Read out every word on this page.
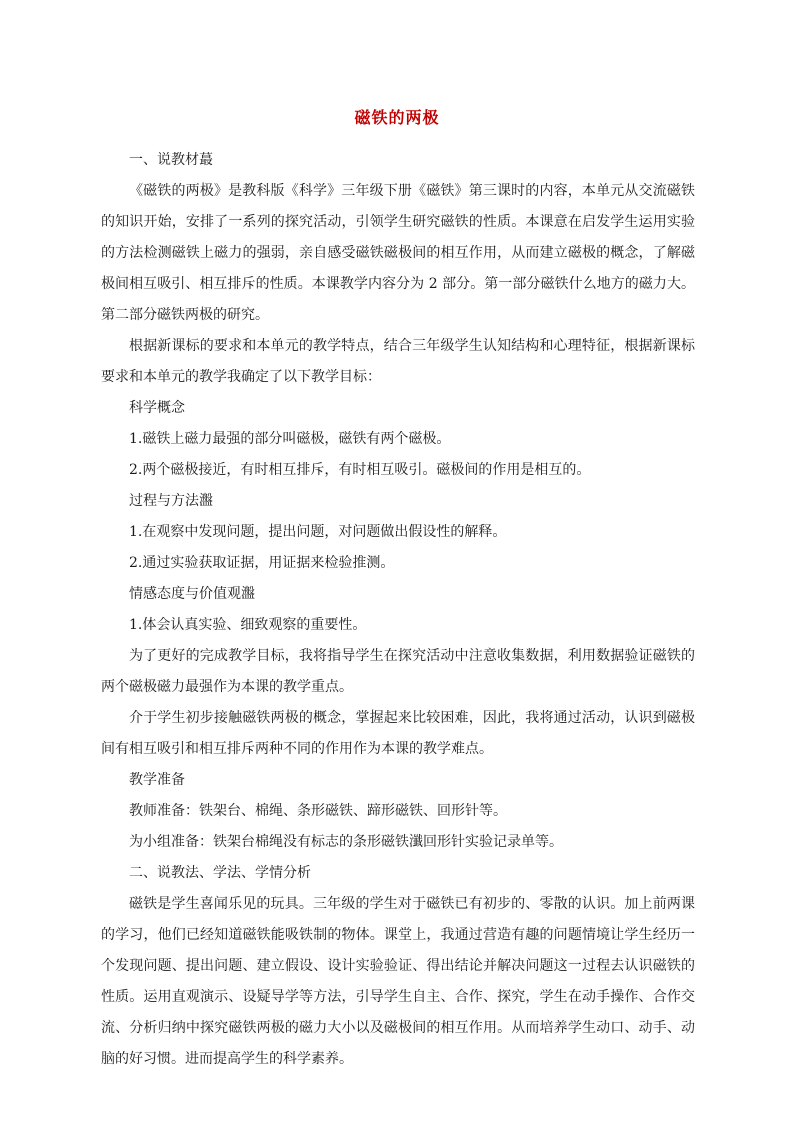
磁铁的两极

一、说教材蕞

《磁铁的两极》是教科版《科学》三年级下册《磁铁》第三课时的内容，本单元从交流磁铁的知识开始，安排了一系列的探究活动，引领学生研究磁铁的性质。本课意在启发学生运用实验的方法检测磁铁上磁力的强弱，亲自感受磁铁磁极间的相互作用，从而建立磁极的概念，了解磁极间相互吸引、相互排斥的性质。本课教学内容分为 2 部分。第一部分磁铁什么地方的磁力大。第二部分磁铁两极的研究。

根据新课标的要求和本单元的教学特点，结合三年级学生认知结构和心理特征，根据新课标要求和本单元的教学我确定了以下教学目标：

科学概念

1.磁铁上磁力最强的部分叫磁极，磁铁有两个磁极。

2.两个磁极接近，有时相互排斥，有时相互吸引。磁极间的作用是相互的。

过程与方法瀊

1.在观察中发现问题，提出问题，对问题做出假设性的解释。

2.通过实验获取证据，用证据来检验推测。

情感态度与价值观瀊

1.体会认真实验、细致观察的重要性。

为了更好的完成教学目标，我将指导学生在探究活动中注意收集数据，利用数据验证磁铁的两个磁极磁力最强作为本课的教学重点。

介于学生初步接触磁铁两极的概念，掌握起来比较困难，因此，我将通过活动，认识到磁极间有相互吸引和相互排斥两种不同的作用作为本课的教学难点。

教学准备

教师准备：铁架台、棉绳、条形磁铁、蹄形磁铁、回形针等。

为小组准备：铁架台棉绳没有标志的条形磁铁瀸回形针实验记录单等。

二、说教法、学法、学情分析

磁铁是学生喜闻乐见的玩具。三年级的学生对于磁铁已有初步的、零散的认识。加上前两课的学习，他们已经知道磁铁能吸铁制的物体。课堂上，我通过营造有趣的问题情境让学生经历一个发现问题、提出问题、建立假设、设计实验验证、得出结论并解决问题这一过程去认识磁铁的性质。运用直观演示、设疑导学等方法，引导学生自主、合作、探究，学生在动手操作、合作交流、分析归纳中探究磁铁两极的磁力大小以及磁极间的相互作用。从而培养学生动口、动手、动脑的好习惯。进而提高学生的科学素养。
